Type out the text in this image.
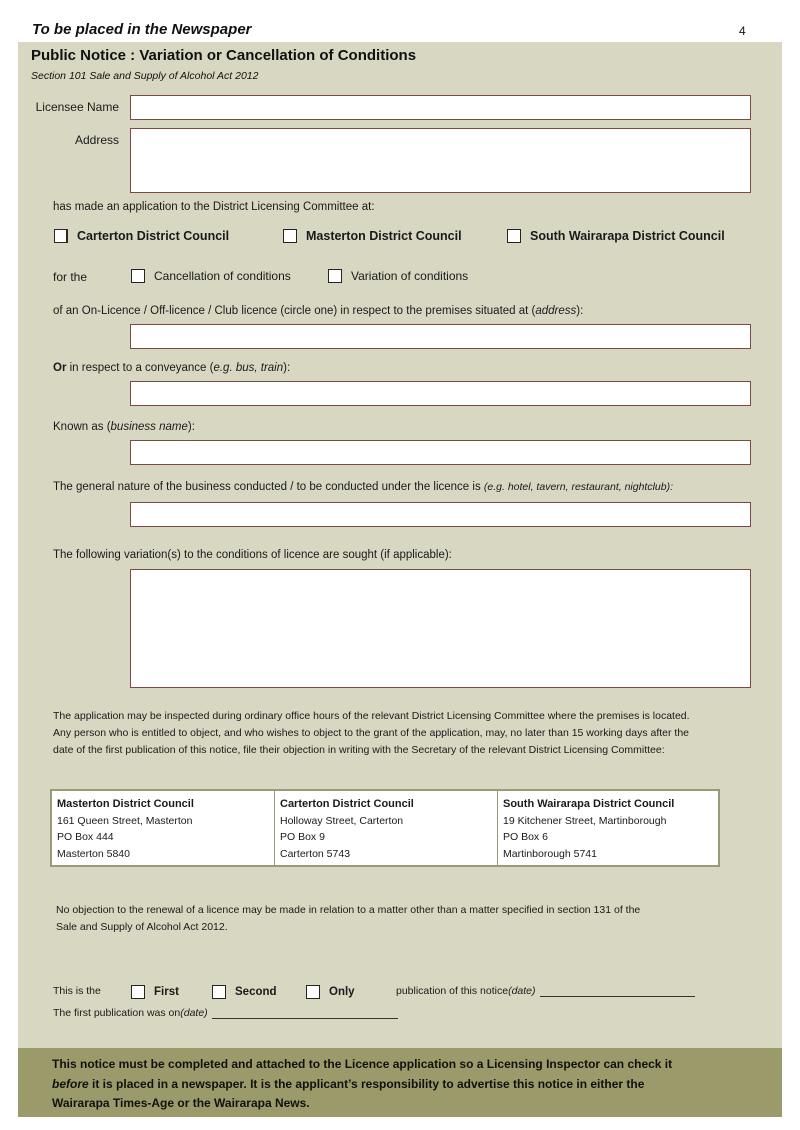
To be placed in the Newspaper	4
Public Notice : Variation or Cancellation of Conditions
Section 101 Sale and Supply of Alcohol Act 2012
Licensee Name
Address
has made an application to the District Licensing Committee at:
Carterton District Council	Masterton District Council	South Wairarapa District Council
for the	Cancellation of conditions	Variation of conditions
of an On-Licence / Off-licence / Club licence (circle one) in respect to the premises situated at (address):
Or in respect to a conveyance (e.g. bus, train):
Known as (business name):
The general nature of the business conducted / to be conducted under the licence is (e.g. hotel, tavern, restaurant, nightclub):
The following variation(s) to the conditions of licence are sought (if applicable):
The application may be inspected during ordinary office hours of the relevant District Licensing Committee where the premises is located.
Any person who is entitled to object, and who wishes to object to the grant of the application, may, no later than 15 working days after the
date of the first publication of this notice, file their objection in writing with the Secretary of the relevant District Licensing Committee:
Masterton District Council
161 Queen Street, Masterton
PO Box 444
Masterton 5840
Carterton District Council
Holloway Street, Carterton
PO Box 9
Carterton 5743
South Wairarapa District Council
19 Kitchener Street, Martinborough
PO Box 6
Martinborough 5741
No objection to the renewal of a licence may be made in relation to a matter other than a matter specified in section 131 of the
Sale and Supply of Alcohol Act 2012.
This is the	First	Second	Only	publication of this notice (date)
The first publication was on (date)
This notice must be completed and attached to the Licence application so a Licensing Inspector can check it
before it is placed in a newspaper. It is the applicant’s responsibility to advertise this notice in either the
Wairarapa Times-Age or the Wairarapa News.
